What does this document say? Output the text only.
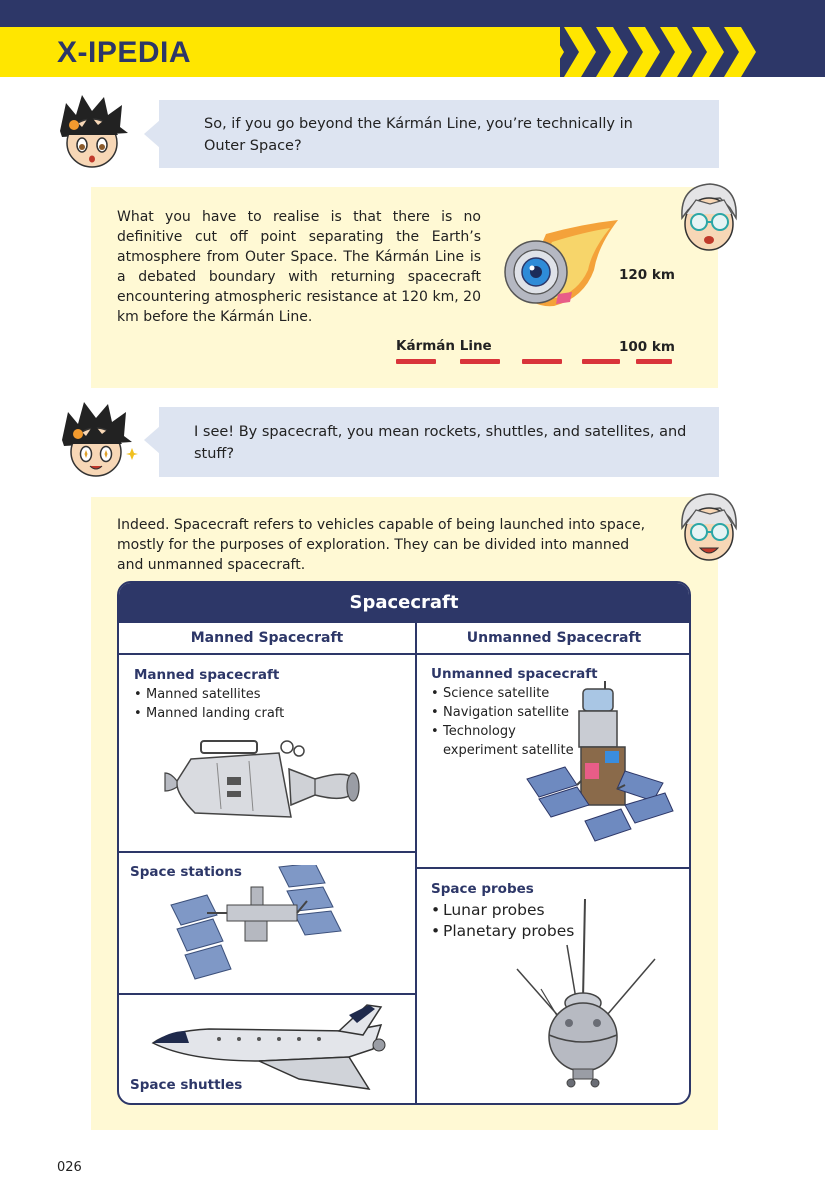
X-IPEDIA
So, if you go beyond the Kármán Line, you’re technically in Outer Space?
What you have to realise is that there is no definitive cut off point separating the Earth’s atmosphere from Outer Space. The Kármán Line is a debated boundary with returning spacecraft encountering atmospheric resistance at 120 km, 20 km before the Kármán Line.
120 km
Kármán Line	100 km
I see! By spacecraft, you mean rockets, shuttles, and satellites, and stuff?
Indeed. Spacecraft refers to vehicles capable of being launched into space, mostly for the purposes of exploration. They can be divided into manned and unmanned spacecraft.
Spacecraft
Manned Spacecraft	Unmanned Spacecraft
Manned spacecraft
• Manned satellites
• Manned landing craft
Space stations
Space shuttles
Unmanned spacecraft
• Science satellite
• Navigation satellite
• Technology experiment satellite
Space probes
• Lunar probes
• Planetary probes
026
